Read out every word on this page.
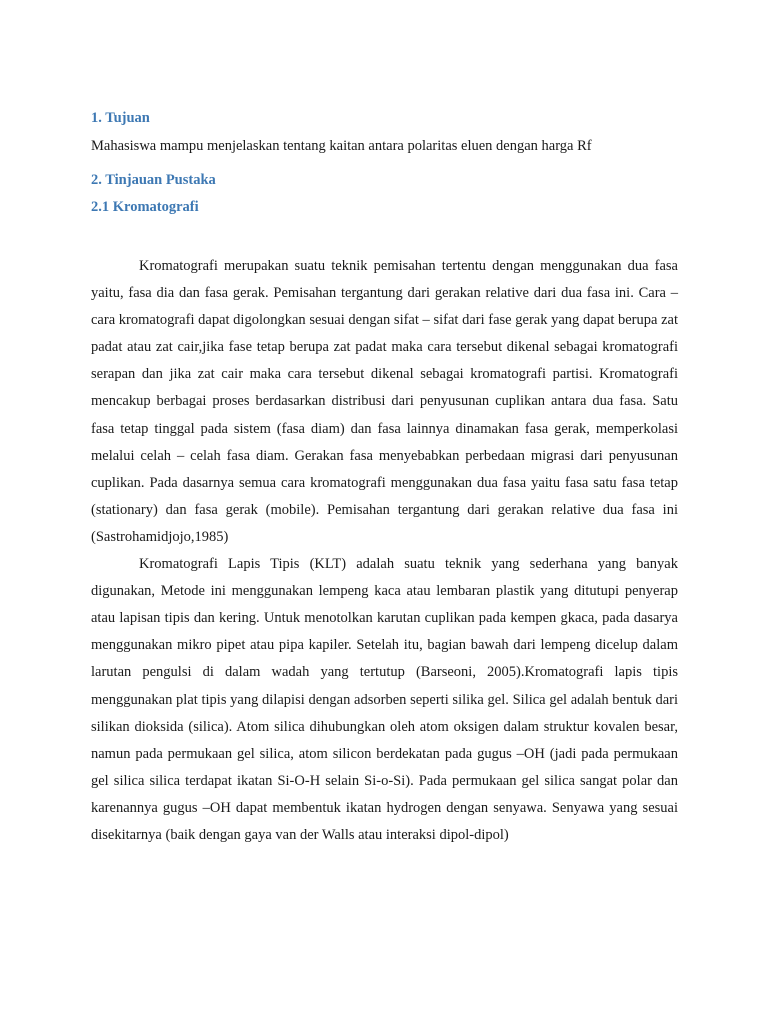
1. Tujuan

Mahasiswa mampu menjelaskan tentang kaitan antara polaritas eluen dengan harga Rf

2. Tinjauan Pustaka
2.1 Kromatografi

Kromatografi merupakan suatu teknik pemisahan tertentu dengan menggunakan dua fasa yaitu, fasa dia dan fasa gerak. Pemisahan tergantung dari gerakan relative dari dua fasa ini. Cara – cara kromatografi dapat digolongkan sesuai dengan sifat – sifat dari fase gerak yang dapat berupa zat padat atau zat cair,jika fase tetap berupa zat padat maka cara tersebut dikenal sebagai kromatografi serapan dan jika zat cair maka cara tersebut dikenal sebagai kromatografi partisi. Kromatografi mencakup berbagai proses berdasarkan distribusi dari penyusunan cuplikan antara dua fasa. Satu fasa tetap tinggal pada sistem (fasa diam) dan fasa lainnya dinamakan fasa gerak, memperkolasi melalui celah – celah fasa diam. Gerakan fasa menyebabkan perbedaan migrasi dari penyusunan cuplikan. Pada dasarnya semua cara kromatografi menggunakan dua fasa yaitu fasa satu fasa tetap (stationary) dan fasa gerak (mobile). Pemisahan tergantung dari gerakan relative dua fasa ini (Sastrohamidjojo,1985)

Kromatografi Lapis Tipis (KLT) adalah suatu teknik yang sederhana yang banyak digunakan, Metode ini menggunakan lempeng kaca atau lembaran plastik yang ditutupi penyerap atau lapisan tipis dan kering. Untuk menotolkan karutan cuplikan pada kempen gkaca, pada dasarya menggunakan mikro pipet atau pipa kapiler. Setelah itu, bagian bawah dari lempeng dicelup dalam larutan pengulsi di dalam wadah yang tertutup (Barseoni, 2005).Kromatografi lapis tipis menggunakan plat tipis yang dilapisi dengan adsorben seperti silika gel. Silica gel adalah bentuk dari silikan dioksida (silica). Atom silica dihubungkan oleh atom oksigen dalam struktur kovalen besar, namun pada permukaan gel silica, atom silicon berdekatan pada gugus –OH (jadi pada permukaan gel silica silica terdapat ikatan Si-O-H selain Si-o-Si). Pada permukaan gel silica sangat polar dan karenannya gugus –OH dapat membentuk ikatan hydrogen dengan senyawa. Senyawa yang sesuai disekitarnya (baik dengan gaya van der Walls atau interaksi dipol-dipol)
